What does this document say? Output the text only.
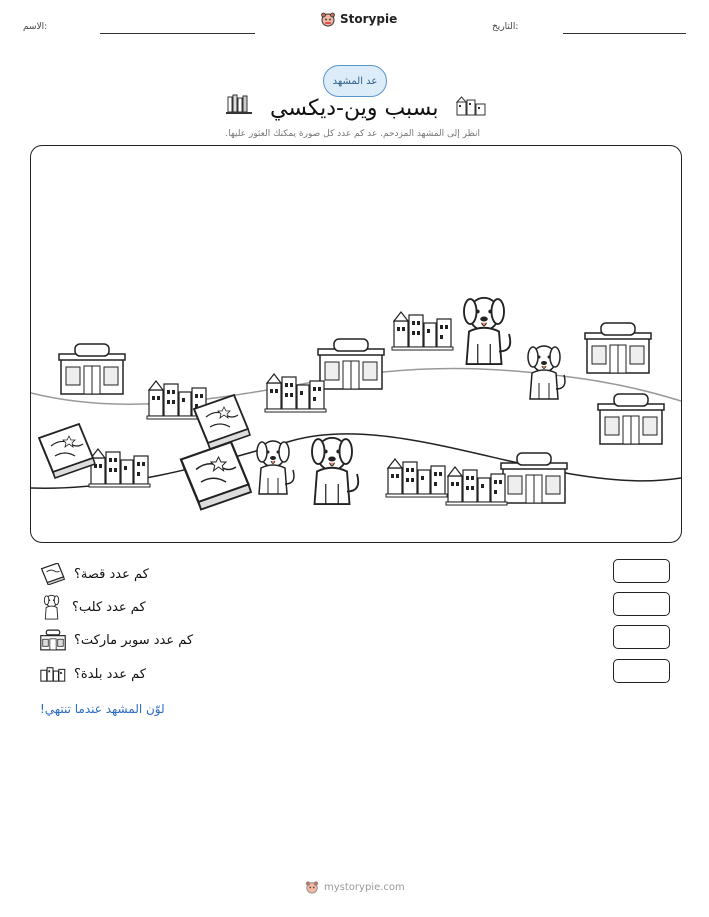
الاسم:
Storypie
التاريخ:
عد المشهد
بسبب وين-ديكسي
انظر إلى المشهد المزدحم. عد كم عدد كل صورة يمكنك العثور عليها.
كم عدد قصة؟
كم عدد كلب؟
كم عدد سوبر ماركت؟
كم عدد بلدة؟
لوّن المشهد عندما تنتهي!
mystorypie.com
